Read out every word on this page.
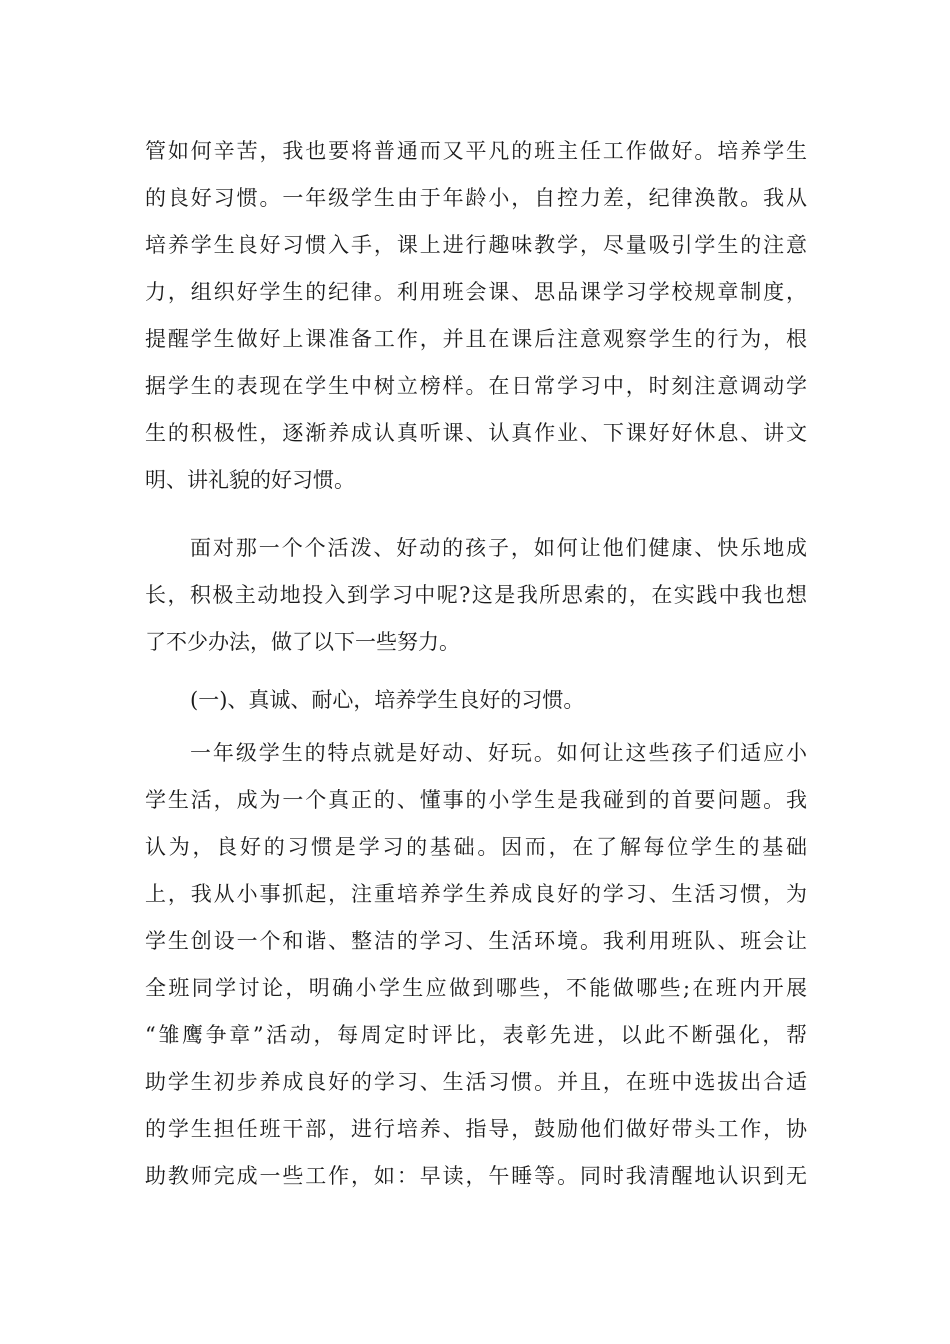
管如何辛苦，我也要将普通而又平凡的班主任工作做好。培养学生
的良好习惯。一年级学生由于年龄小，自控力差，纪律涣散。我从
培养学生良好习惯入手，课上进行趣味教学，尽量吸引学生的注意
力，组织好学生的纪律。利用班会课、思品课学习学校规章制度，
提醒学生做好上课准备工作，并且在课后注意观察学生的行为，根
据学生的表现在学生中树立榜样。在日常学习中，时刻注意调动学
生的积极性，逐渐养成认真听课、认真作业、下课好好休息、讲文
明、讲礼貌的好习惯。
面对那一个个活泼、好动的孩子，如何让他们健康、快乐地成
长，积极主动地投入到学习中呢?这是我所思索的，在实践中我也想
了不少办法，做了以下一些努力。
(一)、真诚、耐心，培养学生良好的习惯。
一年级学生的特点就是好动、好玩。如何让这些孩子们适应小
学生活，成为一个真正的、懂事的小学生是我碰到的首要问题。我
认为，良好的习惯是学习的基础。因而，在了解每位学生的基础
上，我从小事抓起，注重培养学生养成良好的学习、生活习惯，为
学生创设一个和谐、整洁的学习、生活环境。我利用班队、班会让
全班同学讨论，明确小学生应做到哪些，不能做哪些;在班内开展
“雏鹰争章”活动，每周定时评比，表彰先进，以此不断强化，帮
助学生初步养成良好的学习、生活习惯。并且，在班中选拔出合适
的学生担任班干部，进行培养、指导，鼓励他们做好带头工作，协
助教师完成一些工作，如：早读，午睡等。同时我清醒地认识到无
